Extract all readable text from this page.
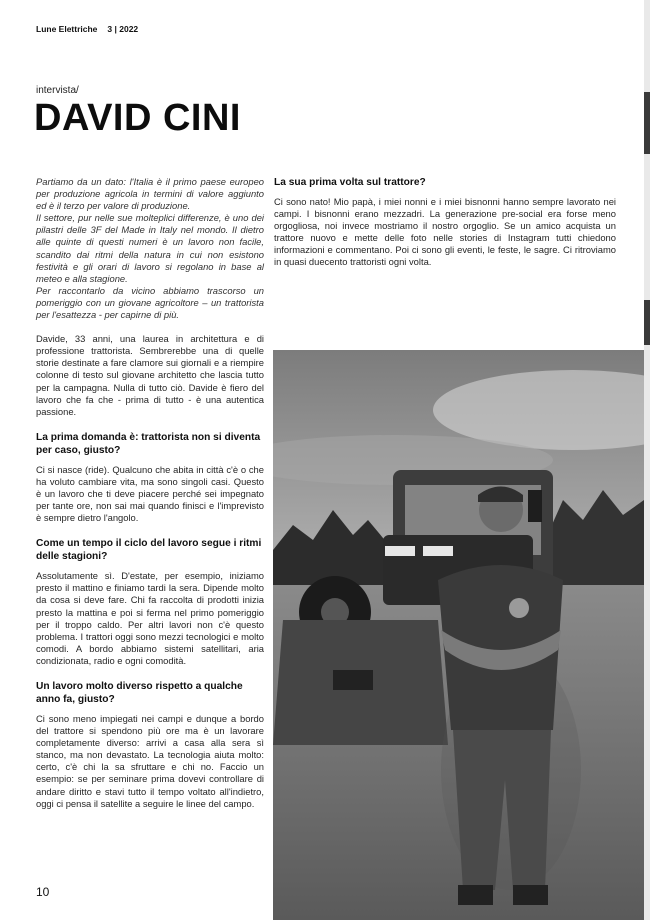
Lune Elettriche 3 | 2022
intervista/
DAVID CINI

Partiamo da un dato: l'Italia è il primo paese europeo per produzione agricola in termini di valore aggiunto ed è il terzo per valore di produzione.

Il settore, pur nelle sue molteplici differenze, è uno dei pilastri delle 3F del Made in Italy nel mondo. Il dietro alle quinte di questi numeri è un lavoro non facile, scandito dai ritmi della natura in cui non esistono festività e gli orari di lavoro si regolano in base al meteo e alla stagione.

Per raccontarlo da vicino abbiamo trascorso un pomeriggio con un giovane agricoltore – un trattorista per l'esattezza - per capirne di più.

Davide, 33 anni, una laurea in architettura e di professione trattorista. Sembrerebbe una di quelle storie destinate a fare clamore sui giornali e a riempire colonne di testo sul giovane architetto che lascia tutto per la campagna. Nulla di tutto ciò. Davide è fiero del lavoro che fa che - prima di tutto - è una autentica passione.

La prima domanda è: trattorista non si diventa per caso, giusto?

Ci si nasce (ride). Qualcuno che abita in città c'è o che ha voluto cambiare vita, ma sono singoli casi. Questo è un lavoro che ti deve piacere perché sei impegnato per tante ore, non sai mai quando finisci e l'imprevisto è sempre dietro l'angolo.

Come un tempo il ciclo del lavoro segue i ritmi delle stagioni?

Assolutamente sì. D'estate, per esempio, iniziamo presto il mattino e finiamo tardi la sera. Dipende molto da cosa si deve fare. Chi fa raccolta di prodotti inizia presto la mattina e poi si ferma nel primo pomeriggio per il troppo caldo. Per altri lavori non c'è questo problema. I trattori oggi sono mezzi tecnologici e molto comodi. A bordo abbiamo sistemi satellitari, aria condizionata, radio e ogni comodità.

Un lavoro molto diverso rispetto a qualche anno fa, giusto?

Ci sono meno impiegati nei campi e dunque a bordo del trattore si spendono più ore ma è un lavorare completamente diverso: arrivi a casa alla sera sì stanco, ma non devastato. La tecnologia aiuta molto: certo, c'è chi la sa sfruttare e chi no. Faccio un esempio: se per seminare prima dovevi controllare di andare diritto e stavi tutto il tempo voltato all'indietro, oggi ci pensa il satellite a seguire le linee del campo.

La sua prima volta sul trattore?

Ci sono nato! Mio papà, i miei nonni e i miei bisnonni hanno sempre lavorato nei campi. I bisnonni erano mezzadri. La generazione pre-social era forse meno orgogliosa, noi invece mostriamo il nostro orgoglio. Se un amico acquista un trattore nuovo e mette delle foto nelle stories di Instagram tutti chiedono informazioni e commentano. Poi ci sono gli eventi, le feste, le sagre. Ci ritroviamo in quasi duecento trattoristi ogni volta.

10
